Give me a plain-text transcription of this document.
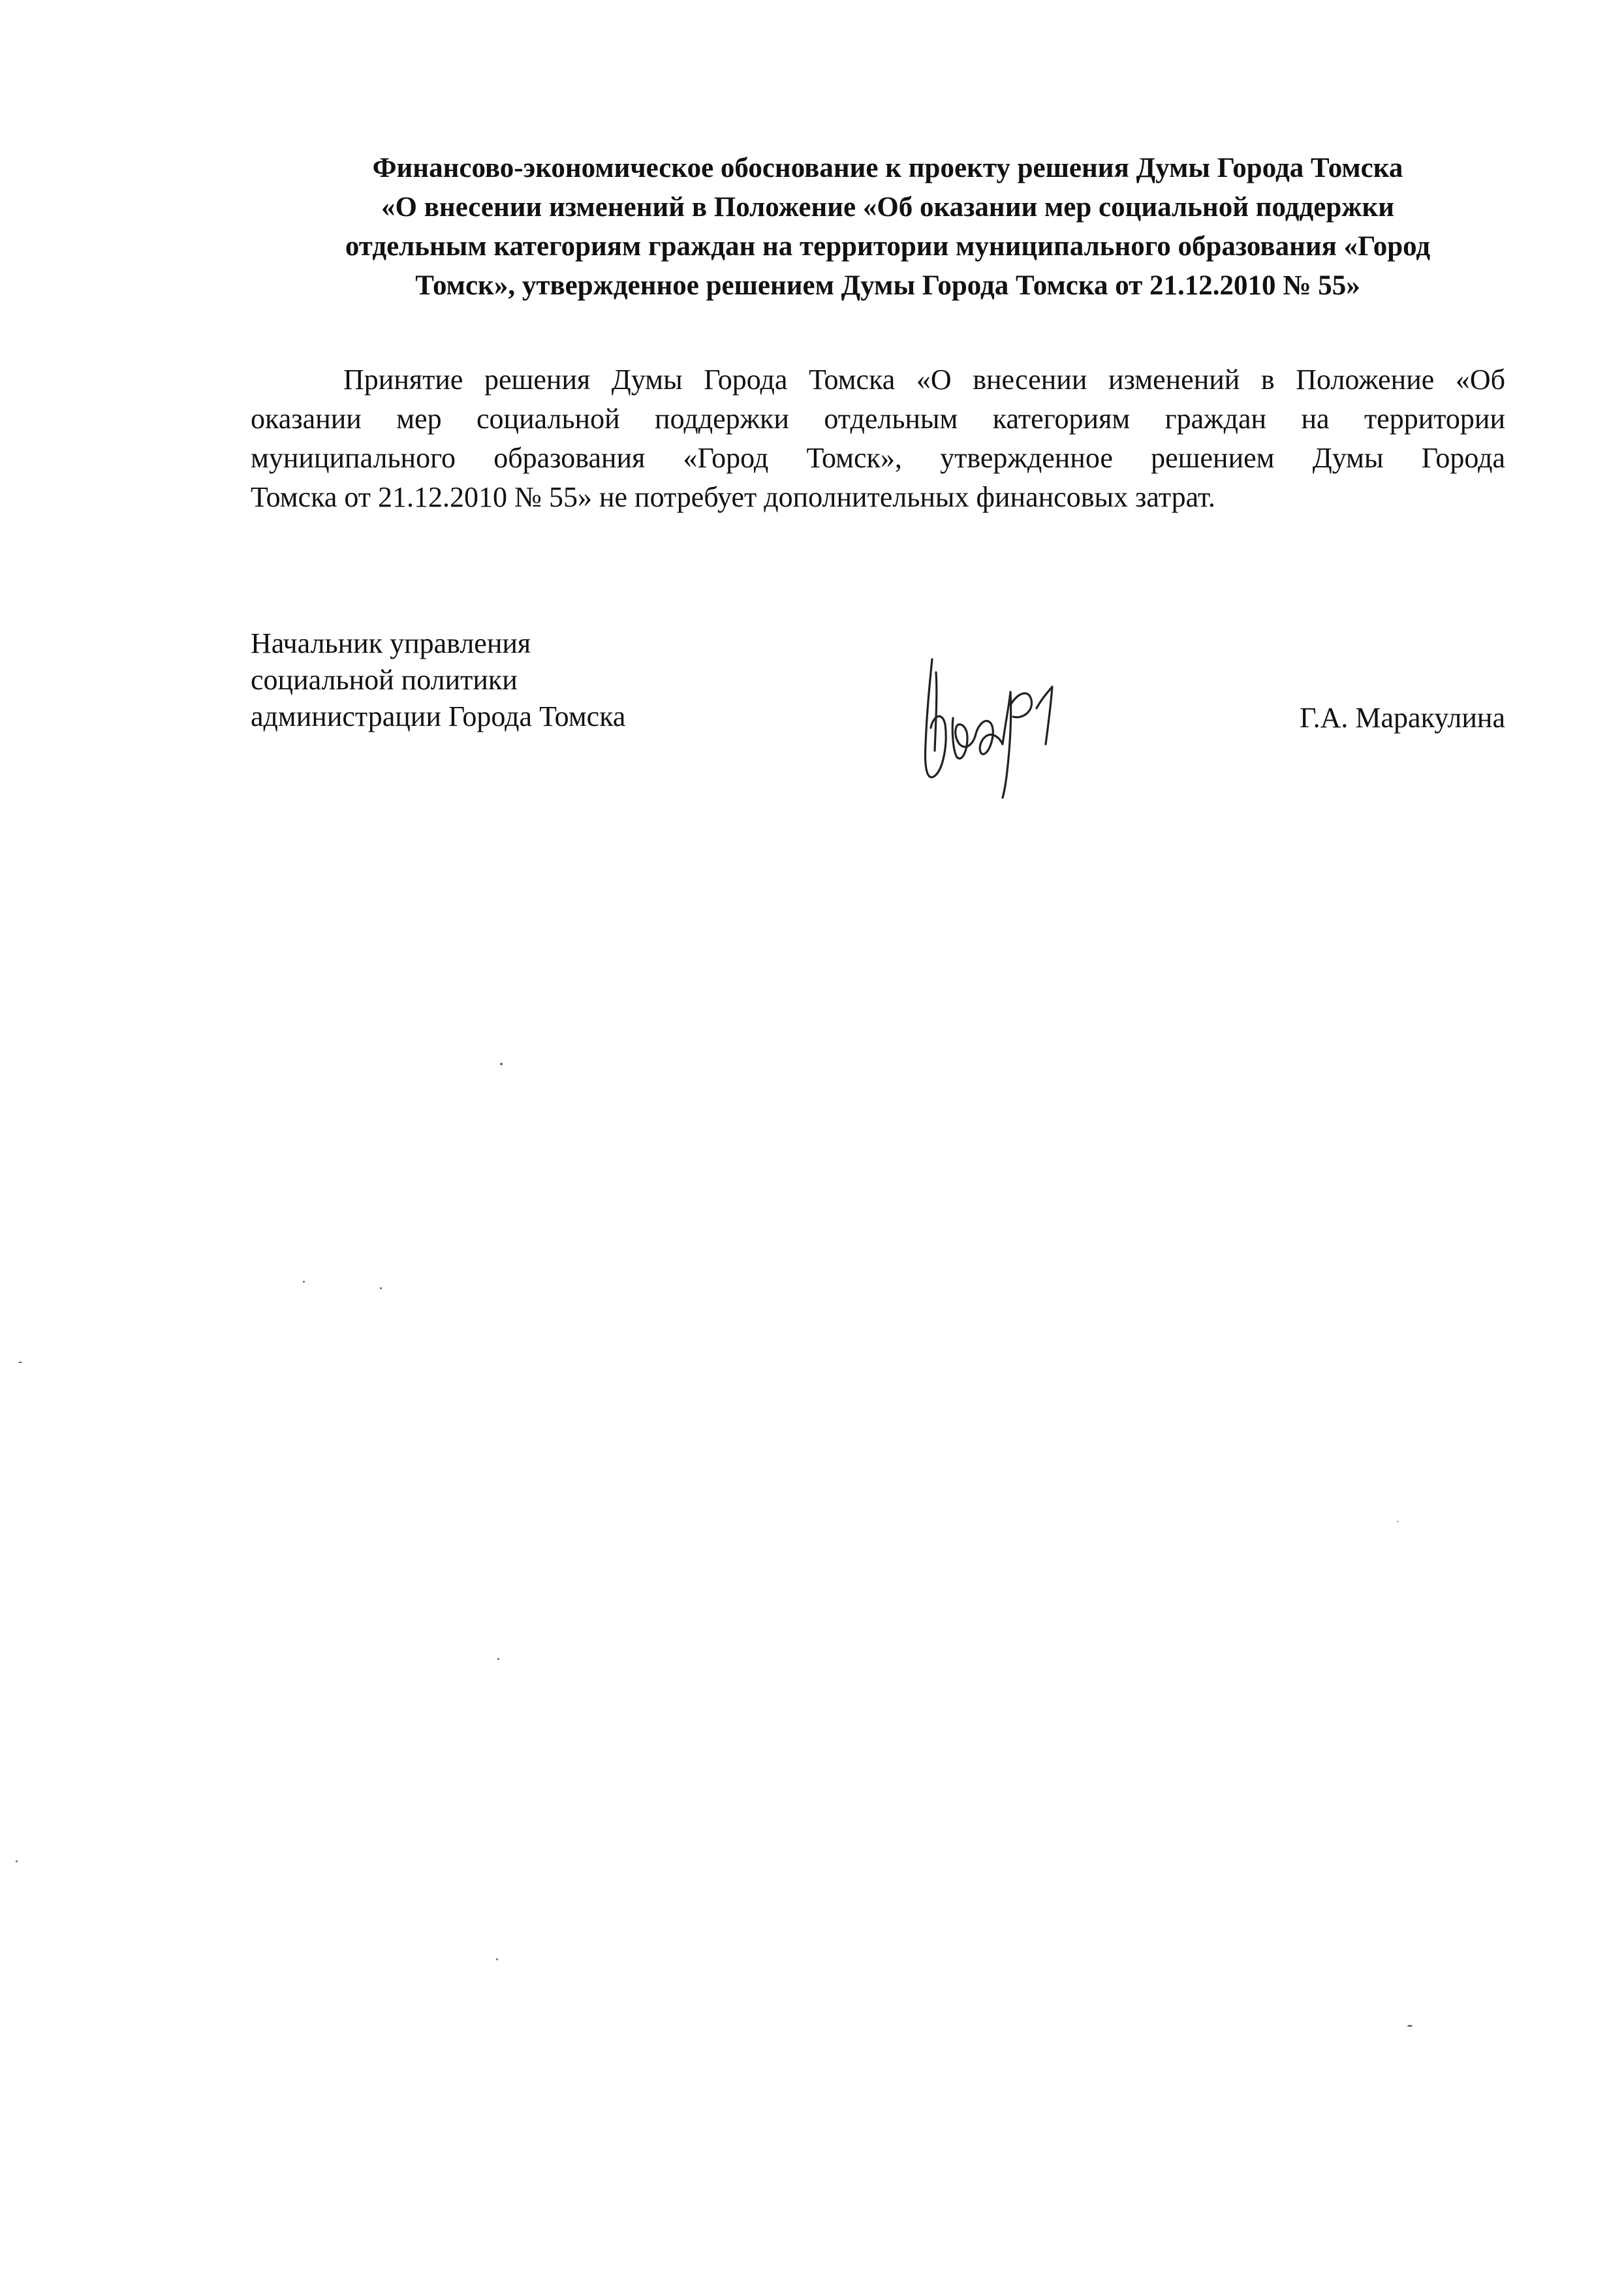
Финансово-экономическое обоснование к проекту решения Думы Города Томска
«О внесении изменений в Положение «Об оказании мер социальной поддержки
отдельным категориям граждан на территории муниципального образования «Город
Томск», утвержденное решением Думы Города Томска от 21.12.2010 № 55»

Принятие решения Думы Города Томска «О внесении изменений в Положение «Об
оказании мер социальной поддержки отдельным категориям граждан на территории
муниципального образования «Город Томск», утвержденное решением Думы Города
Томска от 21.12.2010 № 55» не потребует дополнительных финансовых затрат.

Начальник управления
социальной политики
администрации Города Томска	Г.А. Маракулина
